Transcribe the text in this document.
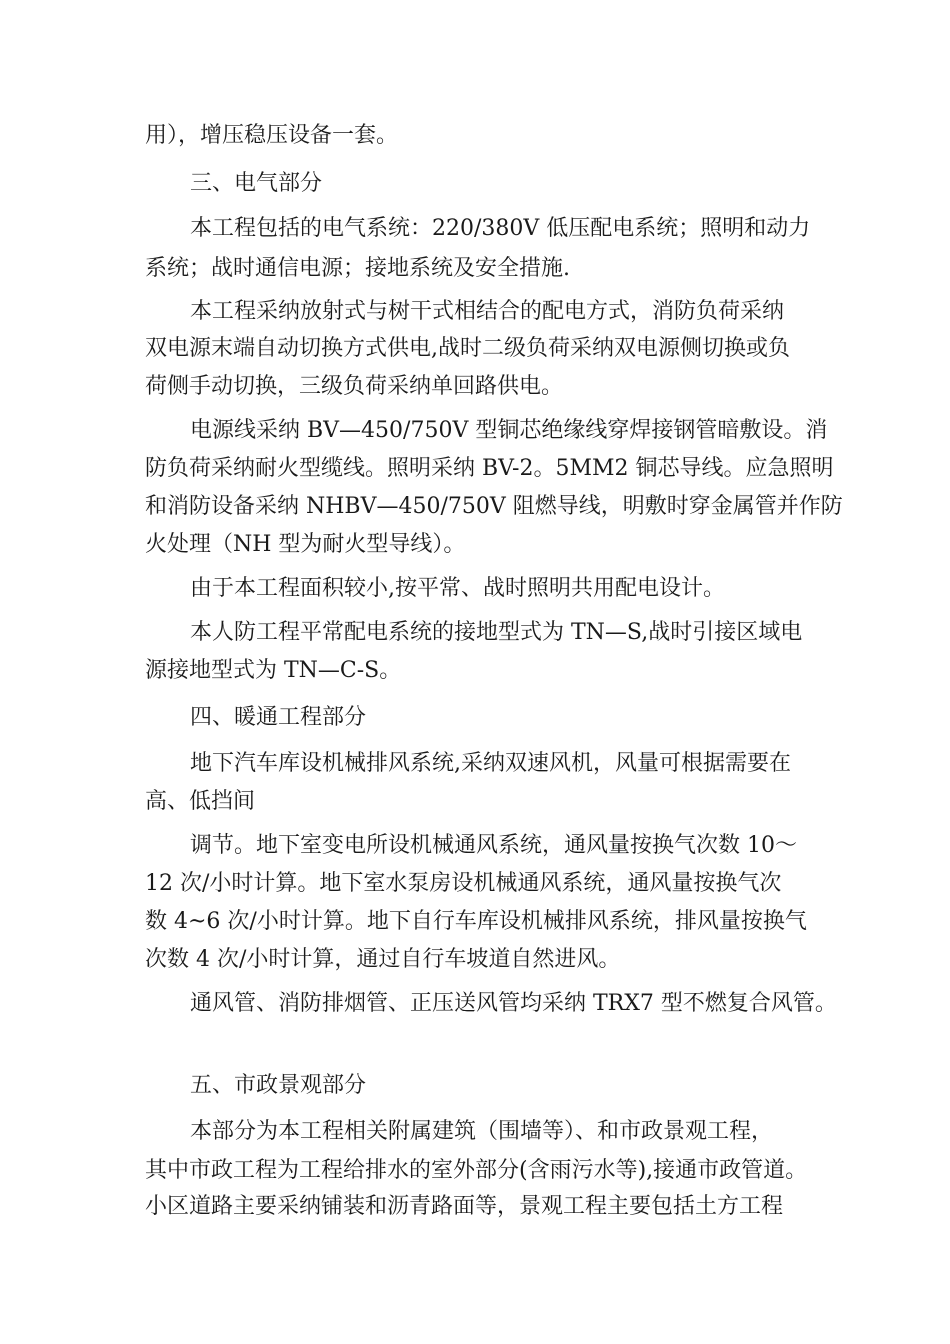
用），增压稳压设备一套。

三、电气部分

本工程包括的电气系统：220/380V 低压配电系统；照明和动力

系统；战时通信电源；接地系统及安全措施.

本工程采纳放射式与树干式相结合的配电方式，消防负荷采纳

双电源末端自动切换方式供电,战时二级负荷采纳双电源侧切换或负

荷侧手动切换，三级负荷采纳单回路供电。

电源线采纳 BV—450/750V 型铜芯绝缘线穿焊接钢管暗敷设。消

防负荷采纳耐火型缆线。照明采纳 BV-2。5MM2 铜芯导线。应急照明

和消防设备采纳 NHBV—450/750V 阻燃导线，明敷时穿金属管并作防

火处理（NH 型为耐火型导线）。

由于本工程面积较小,按平常、战时照明共用配电设计。

本人防工程平常配电系统的接地型式为 TN—S,战时引接区域电

源接地型式为 TN—C-S。

四、暖通工程部分

地下汽车库设机械排风系统,采纳双速风机，风量可根据需要在

高、低挡间

调节。地下室变电所设机械通风系统，通风量按换气次数 10～

12 次/小时计算。地下室水泵房设机械通风系统，通风量按换气次

数 4~6 次/小时计算。地下自行车库设机械排风系统，排风量按换气

次数 4 次/小时计算，通过自行车坡道自然进风。

通风管、消防排烟管、正压送风管均采纳 TRX7 型不燃复合风管。

五、市政景观部分

本部分为本工程相关附属建筑（围墙等）、和市政景观工程，

其中市政工程为工程给排水的室外部分(含雨污水等),接通市政管道。

小区道路主要采纳铺装和沥青路面等，景观工程主要包括土方工程
